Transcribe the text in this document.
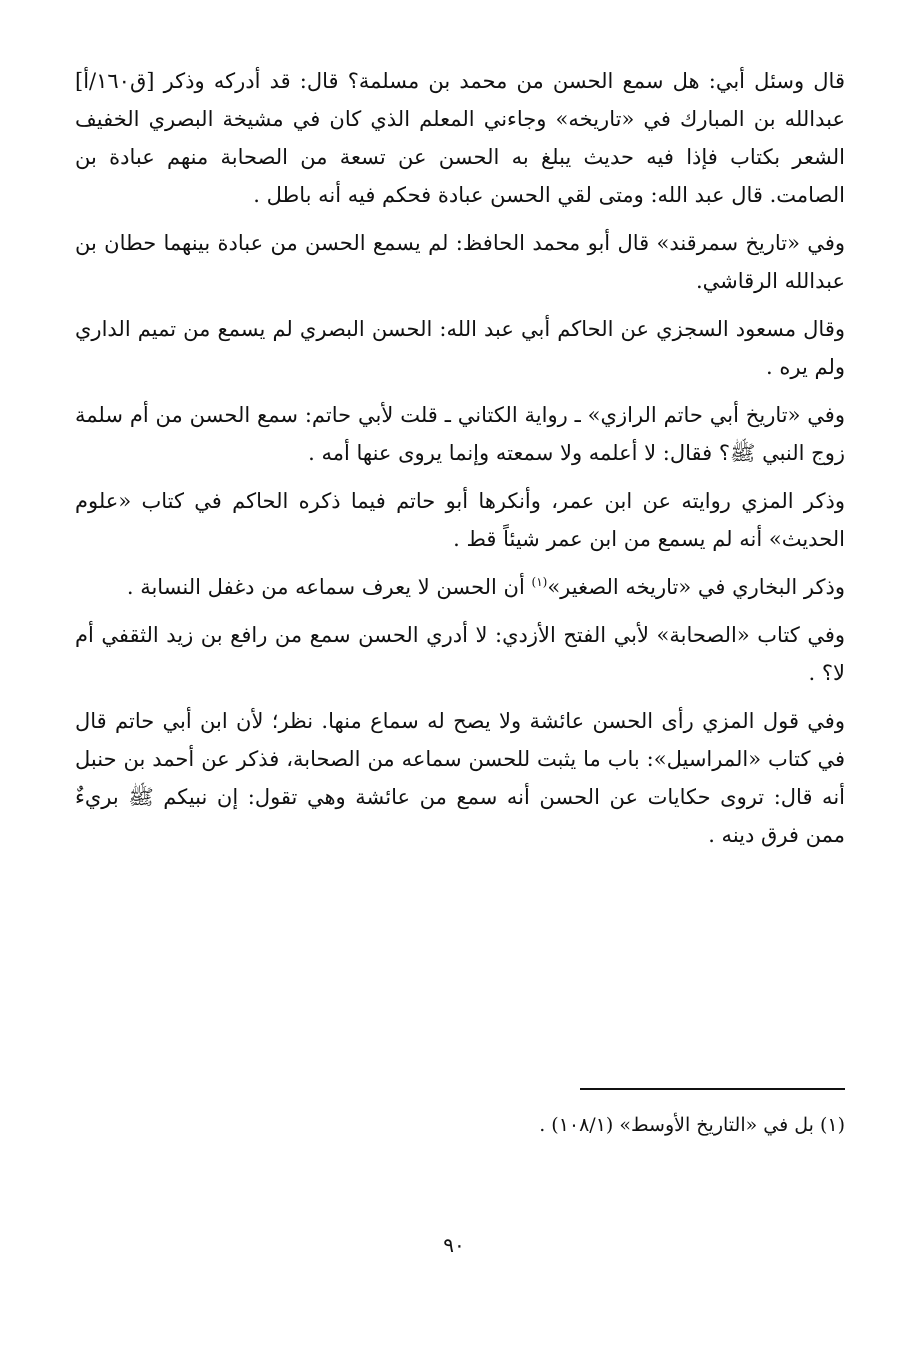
قال وسئل أبي: هل سمع الحسن من محمد بن مسلمة؟ قال: قد أدركه وذكر [ق١٦٠/أ] عبدالله بن المبارك في «تاريخه» وجاءني المعلم الذي كان في مشيخة البصري الخفيف الشعر بكتاب فإذا فيه حديث يبلغ به الحسن عن تسعة من الصحابة منهم عبادة بن الصامت. قال عبد الله: ومتى لقي الحسن عبادة فحكم فيه أنه باطل .

وفي «تاريخ سمرقند» قال أبو محمد الحافظ: لم يسمع الحسن من عبادة بينهما حطان بن عبدالله الرقاشي.

وقال مسعود السجزي عن الحاكم أبي عبد الله: الحسن البصري لم يسمع من تميم الداري ولم يره .

وفي «تاريخ أبي حاتم الرازي» ـ رواية الكتاني ـ قلت لأبي حاتم: سمع الحسن من أم سلمة زوج النبي ﷺ؟ فقال: لا أعلمه ولا سمعته وإنما يروى عنها أمه .

وذكر المزي روايته عن ابن عمر، وأنكرها أبو حاتم فيما ذكره الحاكم في كتاب «علوم الحديث» أنه لم يسمع من ابن عمر شيئاً قط .

وذكر البخاري في «تاريخه الصغير»$^{(١)}$ أن الحسن لا يعرف سماعه من دغفل النسابة .

وفي كتاب «الصحابة» لأبي الفتح الأزدي: لا أدري الحسن سمع من رافع بن زيد الثقفي أم لا؟ .

وفي قول المزي رأى الحسن عائشة ولا يصح له سماع منها. نظر؛ لأن ابن أبي حاتم قال في كتاب «المراسيل»: باب ما يثبت للحسن سماعه من الصحابة، فذكر عن أحمد بن حنبل أنه قال: تروى حكايات عن الحسن أنه سمع من عائشة وهي تقول: إن نبيكم ﷺ بريءٌ ممن فرق دينه .

(١) بل في «التاريخ الأوسط» (١٠٨/١) .
٩٠
